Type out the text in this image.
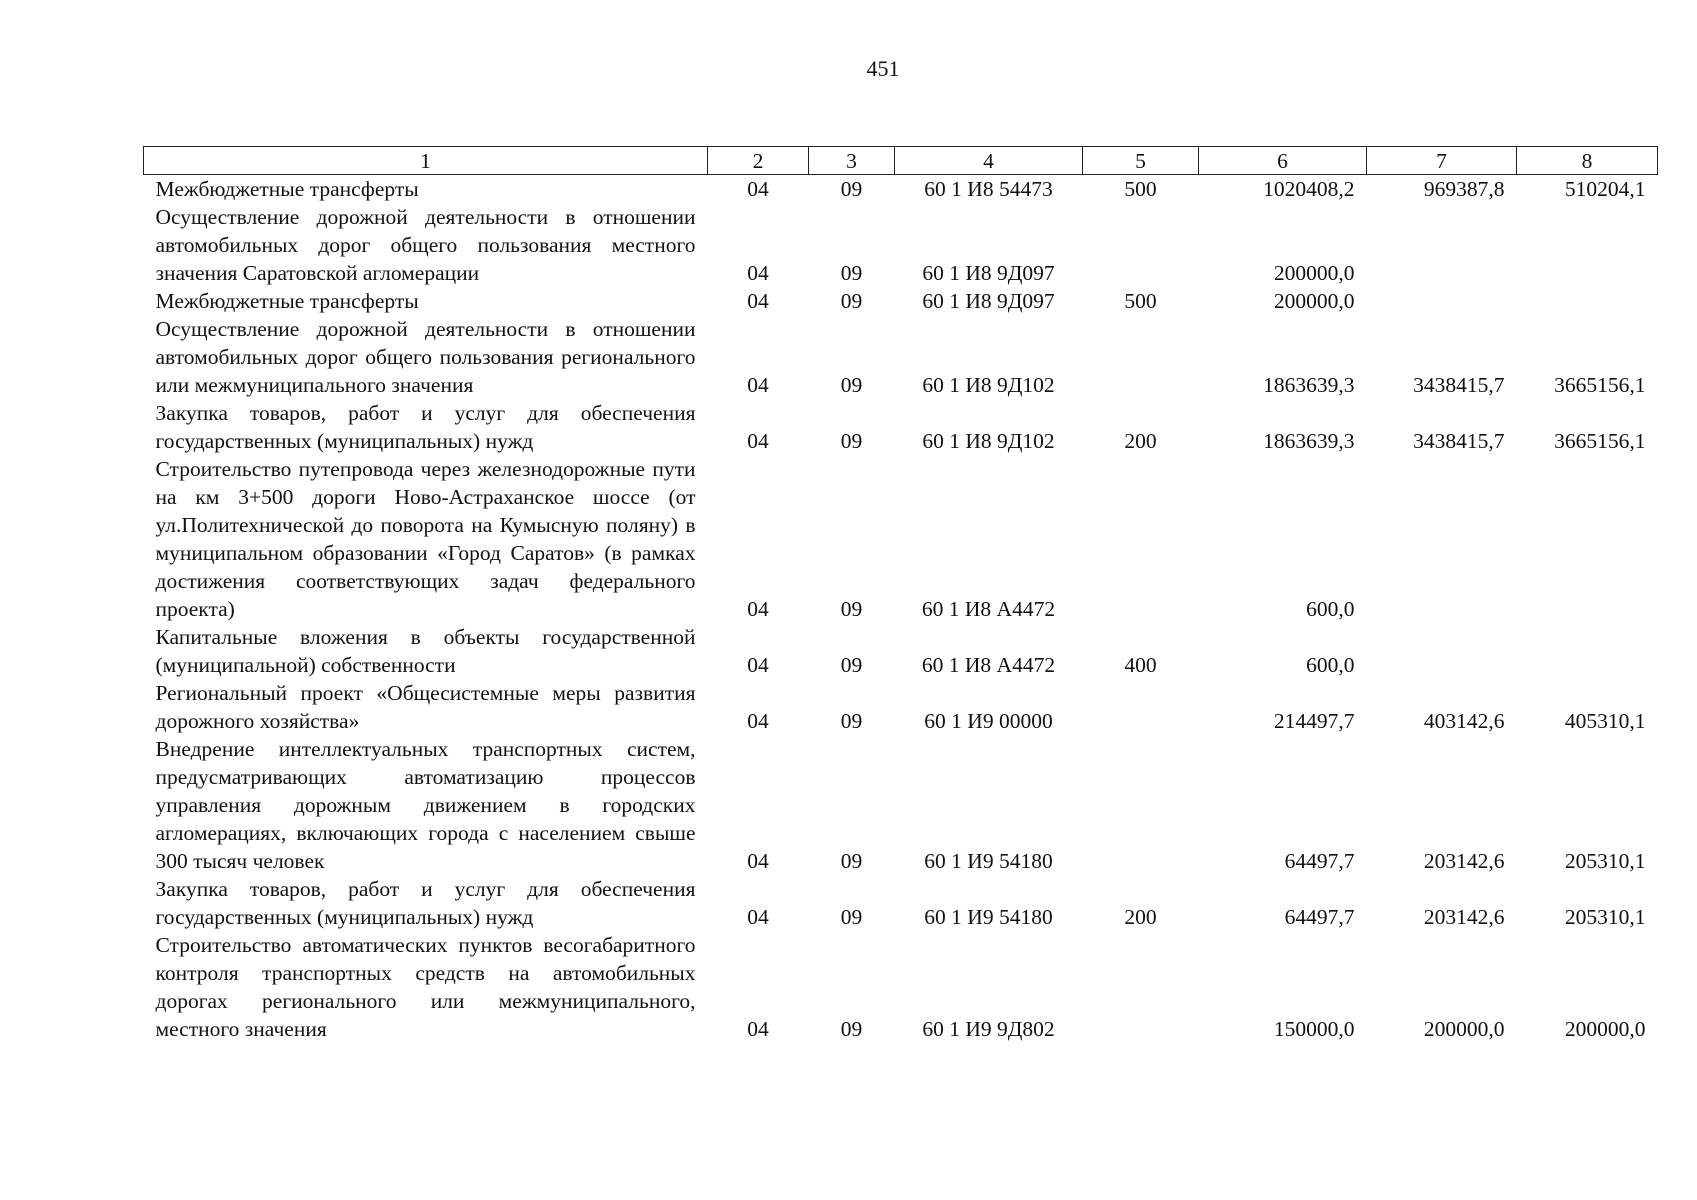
451
1	2	3	4	5	6	7	8
Межбюджетные трансферты	04	09	60 1 И8 54473	500	1020408,2	969387,8	510204,1
Осуществление дорожной деятельности в отношении автомобильных дорог общего пользования местного значения Саратовской агломерации	04	09	60 1 И8 9Д097		200000,0		
Межбюджетные трансферты	04	09	60 1 И8 9Д097	500	200000,0		
Осуществление дорожной деятельности в отношении автомобильных дорог общего пользования регионального или межмуниципального значения	04	09	60 1 И8 9Д102		1863639,3	3438415,7	3665156,1
Закупка товаров, работ и услуг для обеспечения государственных (муниципальных) нужд	04	09	60 1 И8 9Д102	200	1863639,3	3438415,7	3665156,1
Строительство путепровода через железнодорожные пути на км 3+500 дороги Ново-Астраханское шоссе (от ул.Политехнической до поворота на Кумысную поляну) в муниципальном образовании «Город Саратов» (в рамках достижения соответствующих задач федерального проекта)	04	09	60 1 И8 А4472		600,0		
Капитальные вложения в объекты государственной (муниципальной) собственности	04	09	60 1 И8 А4472	400	600,0		
Региональный проект «Общесистемные меры развития дорожного хозяйства»	04	09	60 1 И9 00000		214497,7	403142,6	405310,1
Внедрение интеллектуальных транспортных систем, предусматривающих автоматизацию процессов управления дорожным движением в городских агломерациях, включающих города с населением свыше 300 тысяч человек	04	09	60 1 И9 54180		64497,7	203142,6	205310,1
Закупка товаров, работ и услуг для обеспечения государственных (муниципальных) нужд	04	09	60 1 И9 54180	200	64497,7	203142,6	205310,1
Строительство автоматических пунктов весогабаритного контроля транспортных средств на автомобильных дорогах регионального или межмуниципального, местного значения	04	09	60 1 И9 9Д802		150000,0	200000,0	200000,0
